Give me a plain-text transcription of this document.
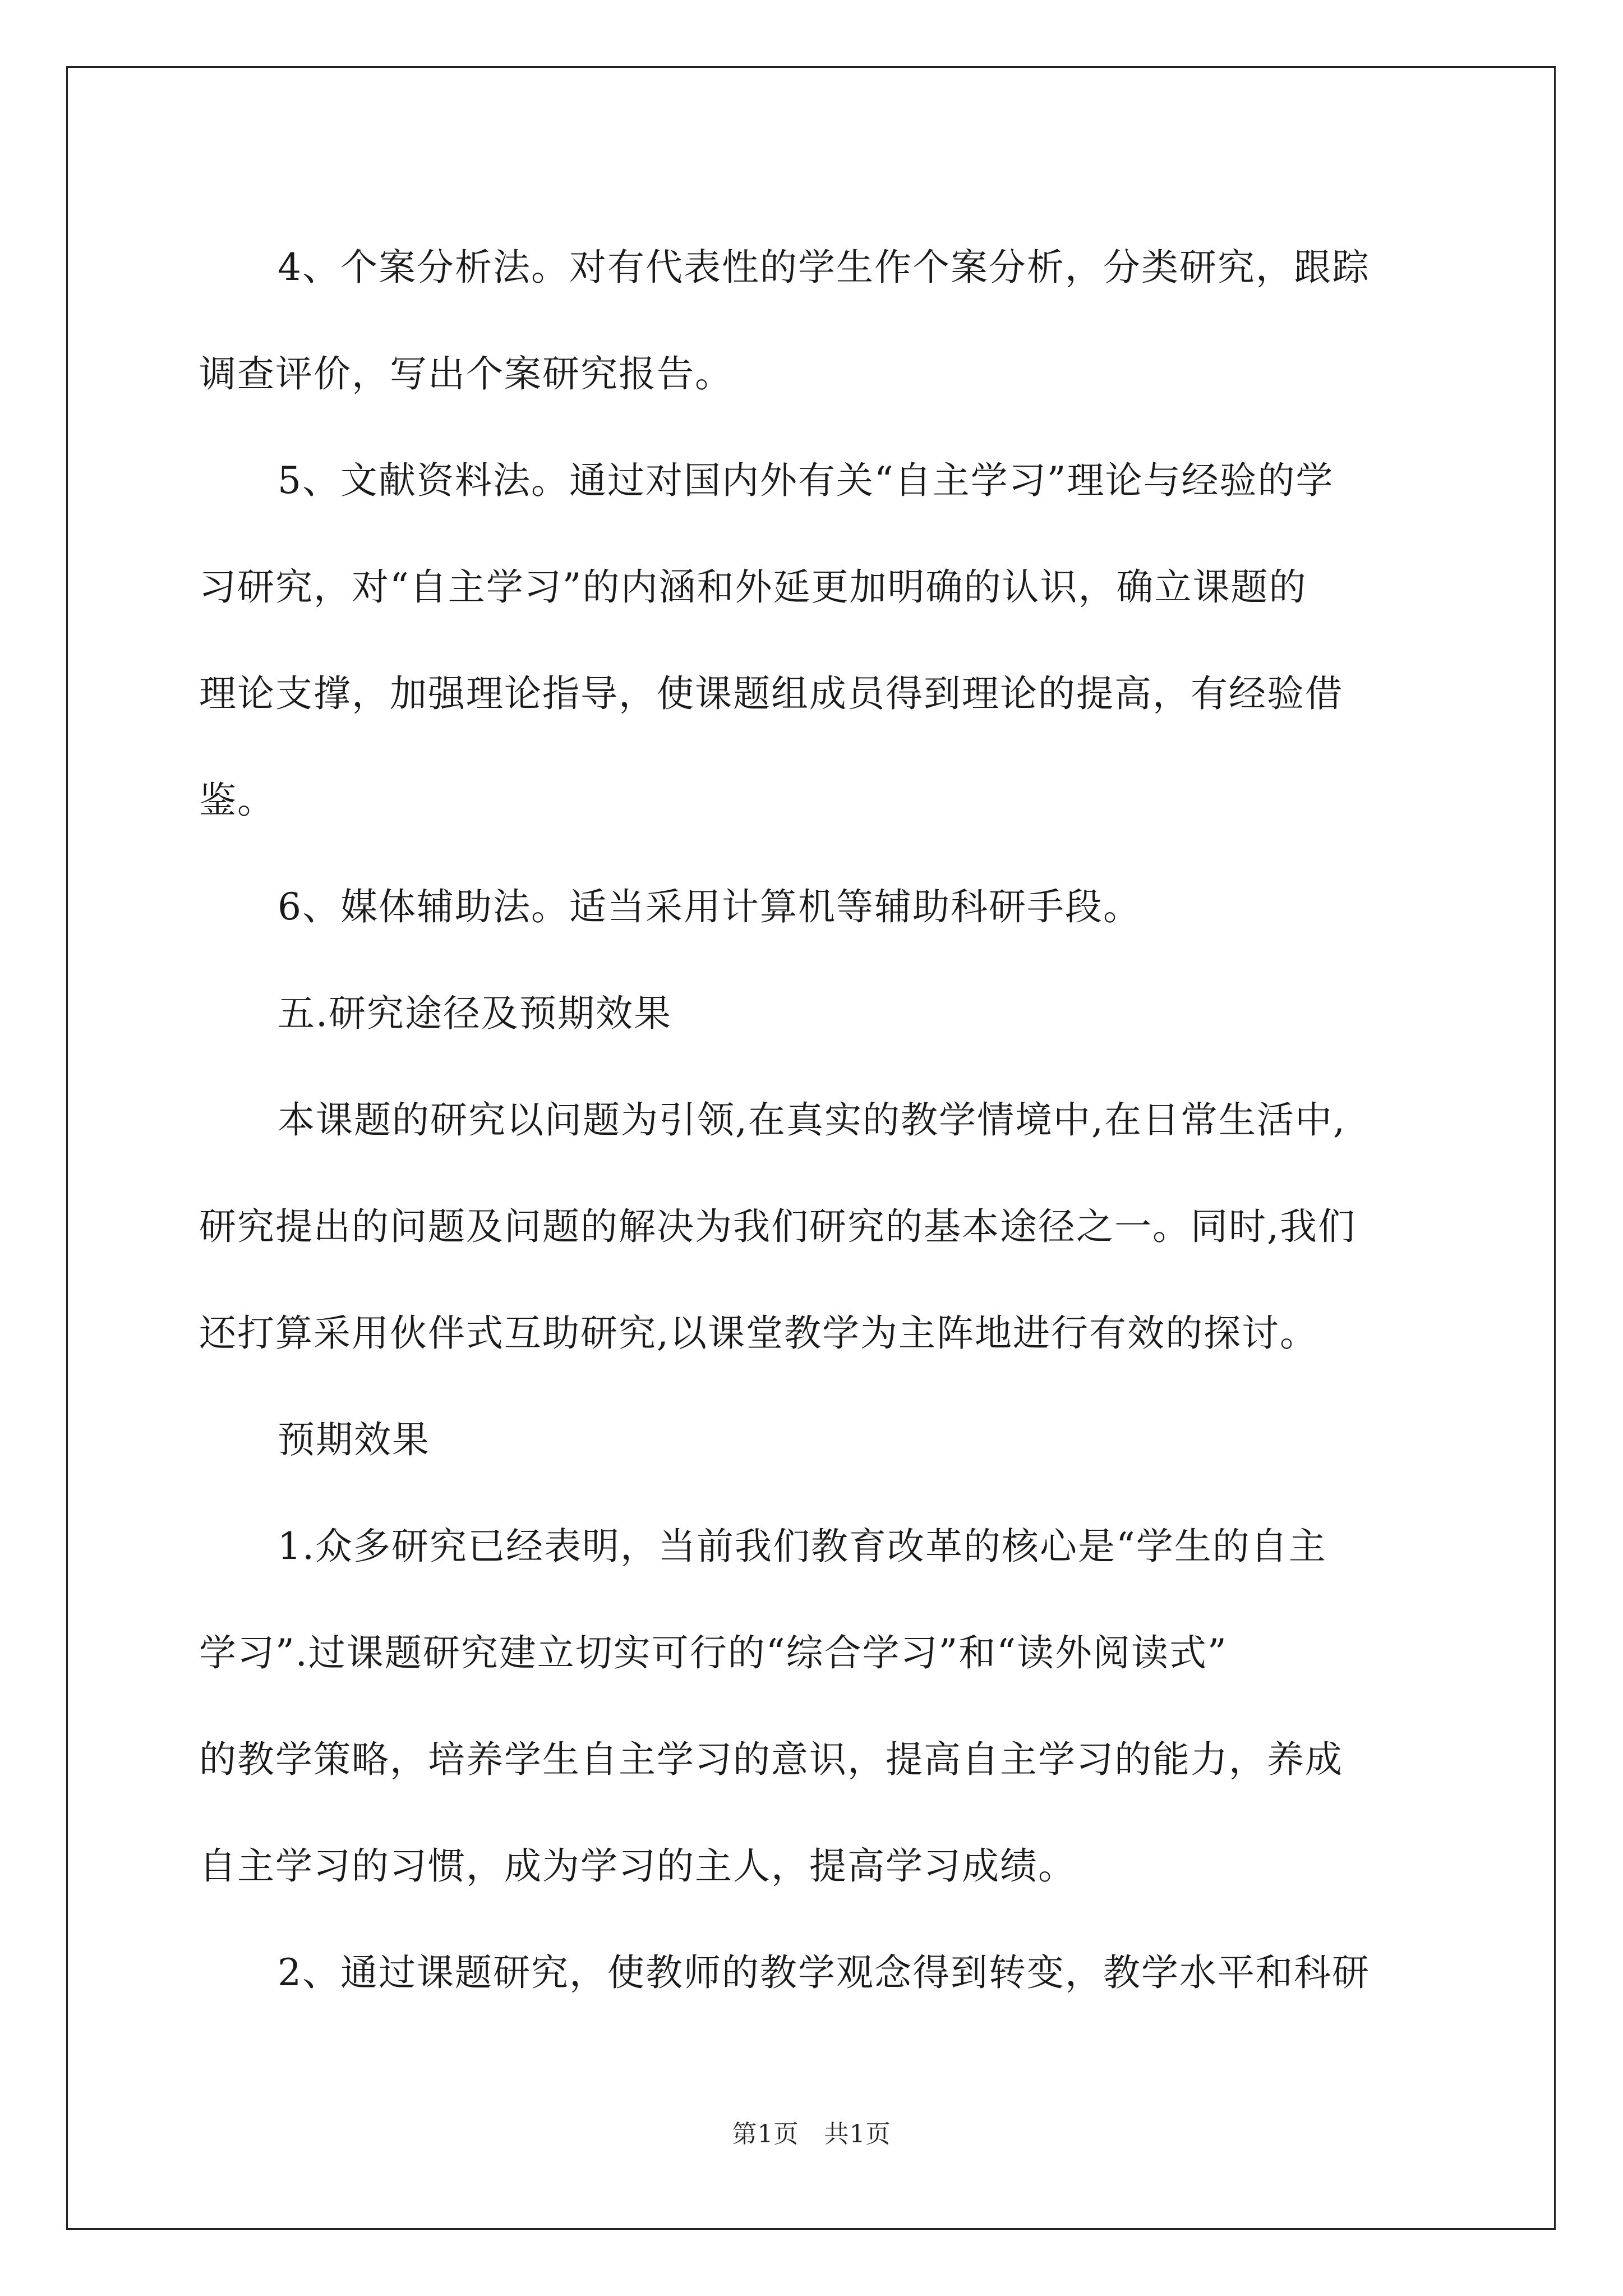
4、个案分析法。对有代表性的学生作个案分析，分类研究，跟踪
调查评价，写出个案研究报告。
5、文献资料法。通过对国内外有关“自主学习”理论与经验的学
习研究，对“自主学习”的内涵和外延更加明确的认识，确立课题的
理论支撑，加强理论指导，使课题组成员得到理论的提高，有经验借
鉴。
6、媒体辅助法。适当采用计算机等辅助科研手段。
五.研究途径及预期效果
本课题的研究以问题为引领,在真实的教学情境中,在日常生活中,
研究提出的问题及问题的解决为我们研究的基本途径之一。同时,我们
还打算采用伙伴式互助研究,以课堂教学为主阵地进行有效的探讨。
预期效果
1.众多研究已经表明，当前我们教育改革的核心是“学生的自主
学习”.过课题研究建立切实可行的“综合学习”和“读外阅读式”
的教学策略，培养学生自主学习的意识，提高自主学习的能力，养成
自主学习的习惯，成为学习的主人，提高学习成绩。
2、通过课题研究，使教师的教学观念得到转变，教学水平和科研
第1页　共1页
